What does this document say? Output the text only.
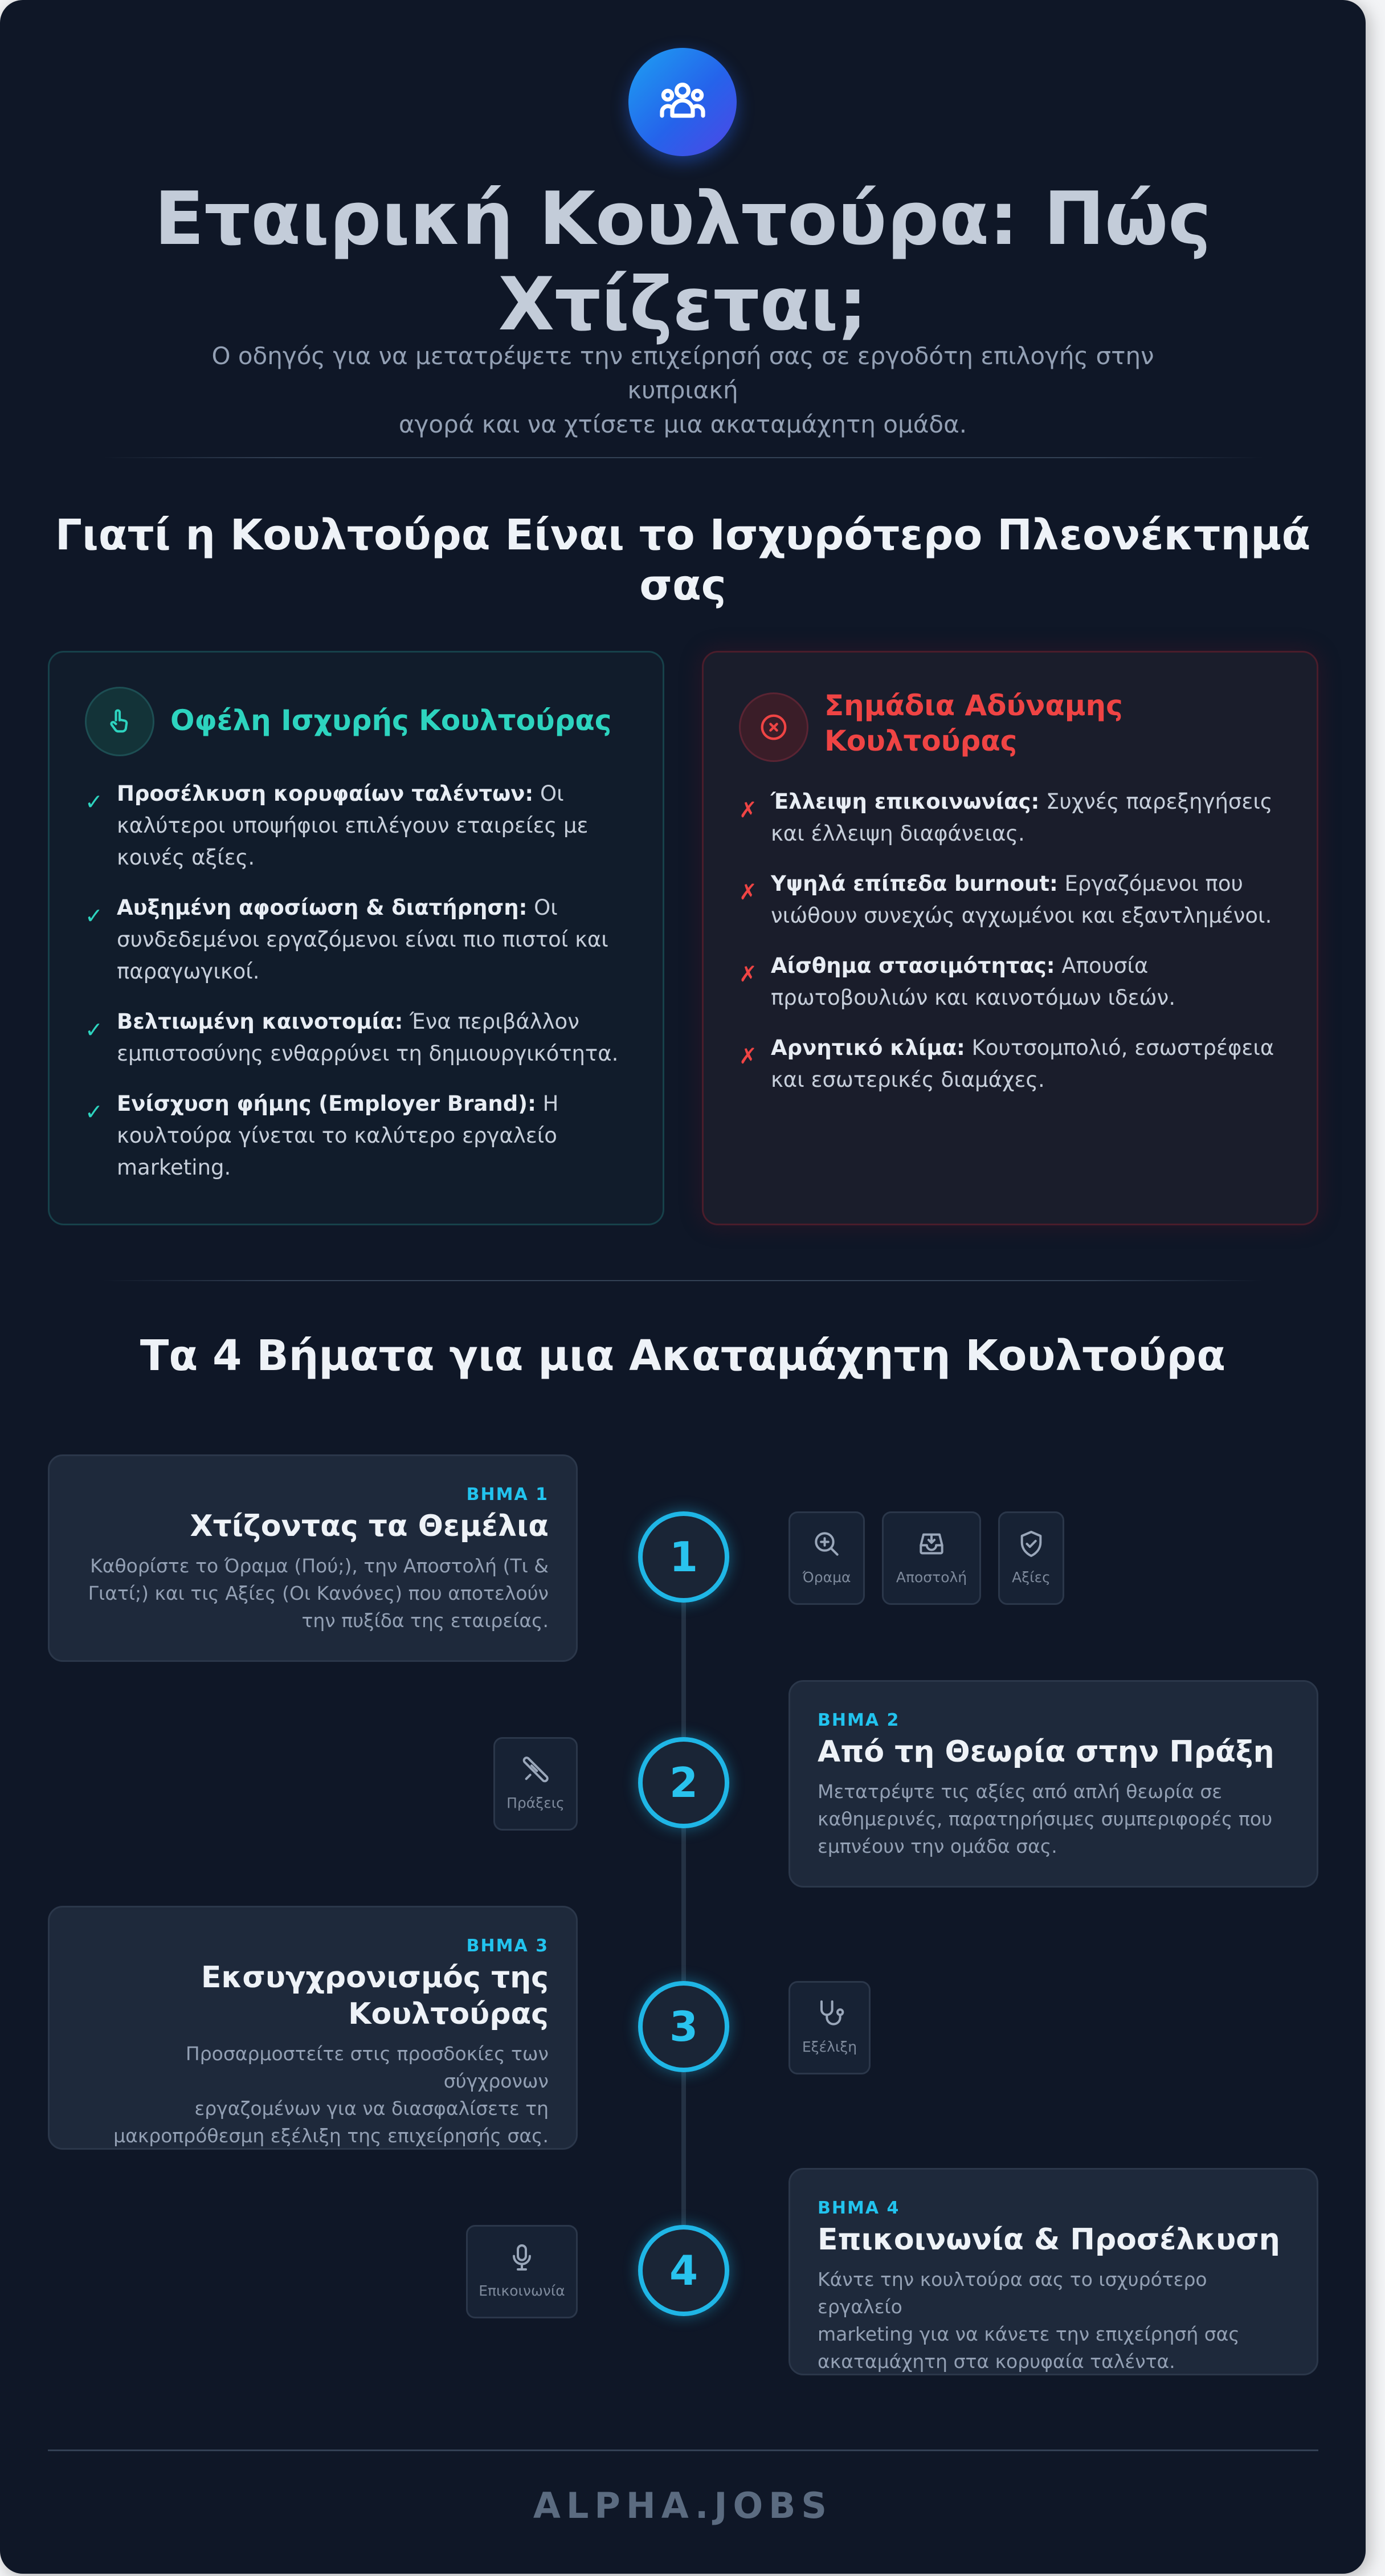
Εταιρική Κουλτούρα: Πώς
Χτίζεται;
Ο οδηγός για να μετατρέψετε την επιχείρησή σας σε εργοδότη επιλογής στην κυπριακή
αγορά και να χτίσετε μια ακαταμάχητη ομάδα.
Γιατί η Κουλτούρα Είναι το Ισχυρότερο Πλεονέκτημά
σας
Οφέλη Ισχυρής Κουλτούρας
✓ Προσέλκυση κορυφαίων ταλέντων: Οι
καλύτεροι υποψήφιοι επιλέγουν εταιρείες με
κοινές αξίες.
✓ Αυξημένη αφοσίωση & διατήρηση: Οι
συνδεδεμένοι εργαζόμενοι είναι πιο πιστοί και
παραγωγικοί.
✓ Βελτιωμένη καινοτομία: Ένα περιβάλλον
εμπιστοσύνης ενθαρρύνει τη δημιουργικότητα.
✓ Ενίσχυση φήμης (Employer Brand): Η
κουλτούρα γίνεται το καλύτερο εργαλείο
marketing.
Σημάδια Αδύναμης
Κουλτούρας
✗ Έλλειψη επικοινωνίας: Συχνές παρεξηγήσεις
και έλλειψη διαφάνειας.
✗ Υψηλά επίπεδα burnout: Εργαζόμενοι που
νιώθουν συνεχώς αγχωμένοι και εξαντλημένοι.
✗ Αίσθημα στασιμότητας: Απουσία
πρωτοβουλιών και καινοτόμων ιδεών.
✗ Αρνητικό κλίμα: Κουτσομπολιό, εσωστρέφεια
και εσωτερικές διαμάχες.
Τα 4 Βήματα για μια Ακαταμάχητη Κουλτούρα
ΒΗΜΑ 1
Χτίζοντας τα Θεμέλια
Καθορίστε το Όραμα (Πού;), την Αποστολή (Τι &
Γιατί;) και τις Αξίες (Οι Κανόνες) που αποτελούν
την πυξίδα της εταιρείας.
1	Όραμα	Αποστολή	Αξίες
Πράξεις	2
ΒΗΜΑ 2
Από τη Θεωρία στην Πράξη
Μετατρέψτε τις αξίες από απλή θεωρία σε
καθημερινές, παρατηρήσιμες συμπεριφορές που
εμπνέουν την ομάδα σας.
ΒΗΜΑ 3
Εκσυγχρονισμός της
Κουλτούρας
Προσαρμοστείτε στις προσδοκίες των σύγχρονων
εργαζομένων για να διασφαλίσετε τη
μακροπρόθεσμη εξέλιξη της επιχείρησής σας.
3	Εξέλιξη
Επικοινωνία	4
ΒΗΜΑ 4
Επικοινωνία & Προσέλκυση
Κάντε την κουλτούρα σας το ισχυρότερο εργαλείο
marketing για να κάνετε την επιχείρησή σας
ακαταμάχητη στα κορυφαία ταλέντα.
ALPHA.JOBS
